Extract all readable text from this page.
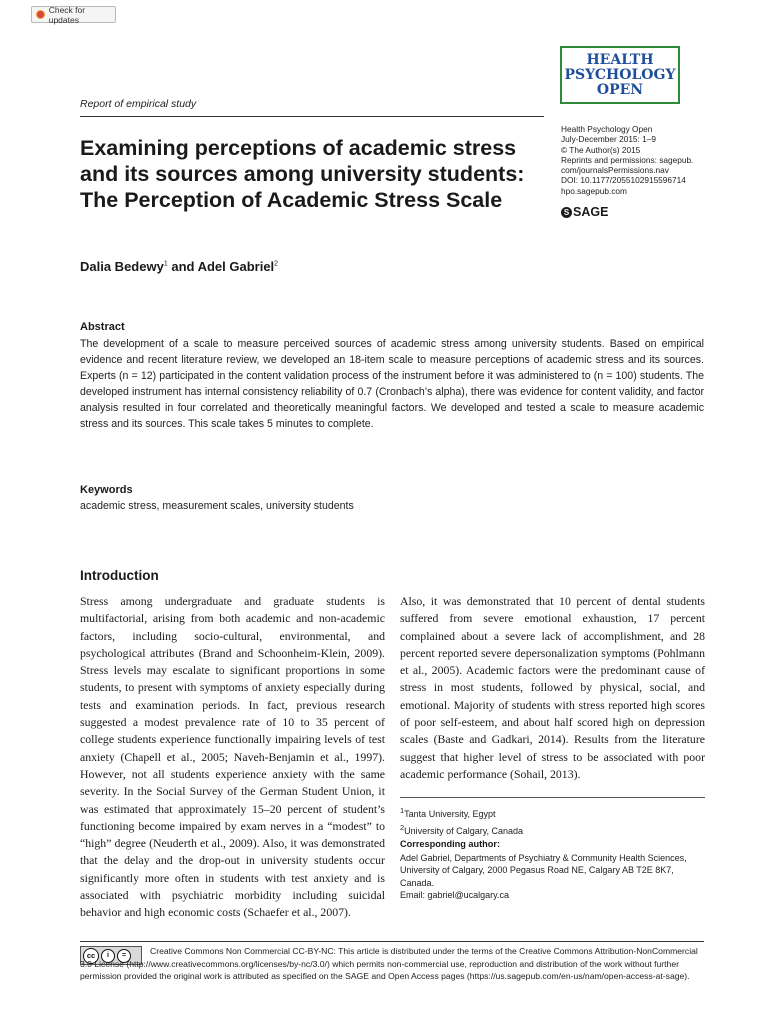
Check for updates
HEALTH
PSYCHOLOGY
OPEN
Report of empirical study
Examining perceptions of academic stress
and its sources among university students:
The Perception of Academic Stress Scale
Health Psychology Open
July-December 2015: 1–9
© The Author(s) 2015
Reprints and permissions: sagepub.
com/journalsPermissions.nav
DOI: 10.1177/2055102915596714
hpo.sagepub.com
S SAGE
Dalia Bedewy$^1$ and Adel Gabriel$^2$
Abstract
The development of a scale to measure perceived sources of academic stress among university students. Based on empirical evidence and recent literature review, we developed an 18-item scale to measure perceptions of academic stress and its sources. Experts (n = 12) participated in the content validation process of the instrument before it was administered to (n = 100) students. The developed instrument has internal consistency reliability of 0.7 (Cronbach’s alpha), there was evidence for content validity, and factor analysis resulted in four correlated and theoretically meaningful factors. We developed and tested a scale to measure academic stress and its sources. This scale takes 5 minutes to complete.
Keywords
academic stress, measurement scales, university students
Introduction
Stress among undergraduate and graduate students is multifactorial, arising from both academic and non-academic factors, including socio-cultural, environmental, and psychological attributes (Brand and Schoonheim-Klein, 2009). Stress levels may escalate to significant proportions in some students, to present with symptoms of anxiety especially during tests and examination periods. In fact, previous research suggested a modest prevalence rate of 10 to 35 percent of college students experience functionally impairing levels of test anxiety (Chapell et al., 2005; Naveh-Benjamin et al., 1997). However, not all students experience anxiety with the same severity. In the Social Survey of the German Student Union, it was estimated that approximately 15–20 percent of student’s functioning become impaired by exam nerves in a “modest” to “high” degree (Neuderth et al., 2009). Also, it was demonstrated that the delay and the drop-out in university students occur significantly more often in students with test anxiety and is associated with psychiatric morbidity including suicidal behavior and high economic costs (Schaefer et al., 2007).
Also, it was demonstrated that 10 percent of dental students suffered from severe emotional exhaustion, 17 percent complained about a severe lack of accomplishment, and 28 percent reported severe depersonalization symptoms (Pohlmann et al., 2005). Academic factors were the predominant cause of stress in most students, followed by physical, social, and emotional. Majority of students with stress reported high scores of poor self-esteem, and about half scored high on depression scales (Baste and Gadkari, 2014). Results from the literature suggest that higher level of stress to be associated with poor academic performance (Sohail, 2013).
$^1$Tanta University, Egypt
$^2$University of Calgary, Canada
Corresponding author:
Adel Gabriel, Departments of Psychiatry & Community Health Sciences,
University of Calgary, 2000 Pegasus Road NE, Calgary AB T2E 8K7,
Canada.
Email: gabriel@ucalgary.ca
cc	i	=	Creative Commons Non Commercial CC-BY-NC: This article is distributed under the terms of the Creative Commons Attribution-NonCommercial 3.0 License (http://www.creativecommons.org/licenses/by-nc/3.0/) which permits non-commercial use, reproduction and distribution of the work without further permission provided the original work is attributed as specified on the SAGE and Open Access pages (https://us.sagepub.com/en-us/nam/open-access-at-sage).
